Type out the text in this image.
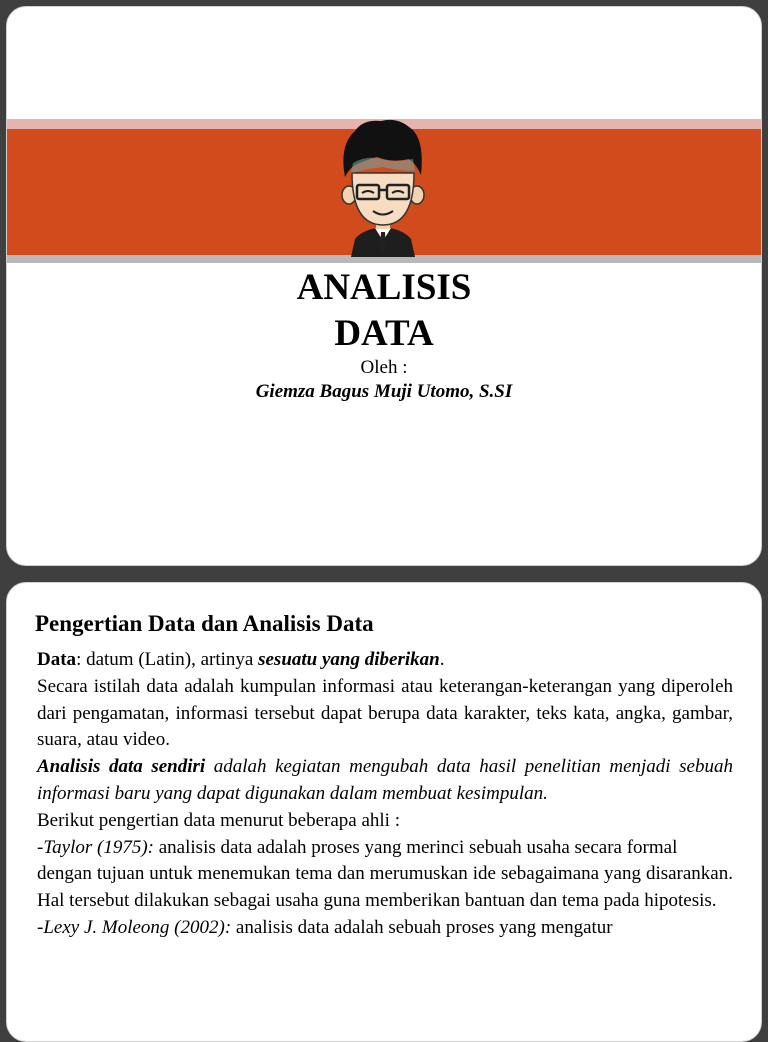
ANALISIS
DATA
Oleh :
Giemza Bagus Muji Utomo, S.SI
Pengertian Data dan Analisis Data

Data: datum (Latin), artinya sesuatu yang diberikan.

Secara istilah data adalah kumpulan informasi atau keterangan-keterangan yang diperoleh dari pengamatan, informasi tersebut dapat berupa data karakter, teks kata, angka, gambar, suara, atau video.

Analisis data sendiri adalah kegiatan mengubah data hasil penelitian menjadi sebuah informasi baru yang dapat digunakan dalam membuat kesimpulan.

Berikut pengertian data menurut beberapa ahli :

-Taylor (1975): analisis data adalah proses yang merinci sebuah usaha secara formal

dengan tujuan untuk menemukan tema dan merumuskan ide sebagaimana yang disarankan. Hal tersebut dilakukan sebagai usaha guna memberikan bantuan dan tema pada hipotesis.

-Lexy J. Moleong (2002): analisis data adalah sebuah proses yang mengatur
